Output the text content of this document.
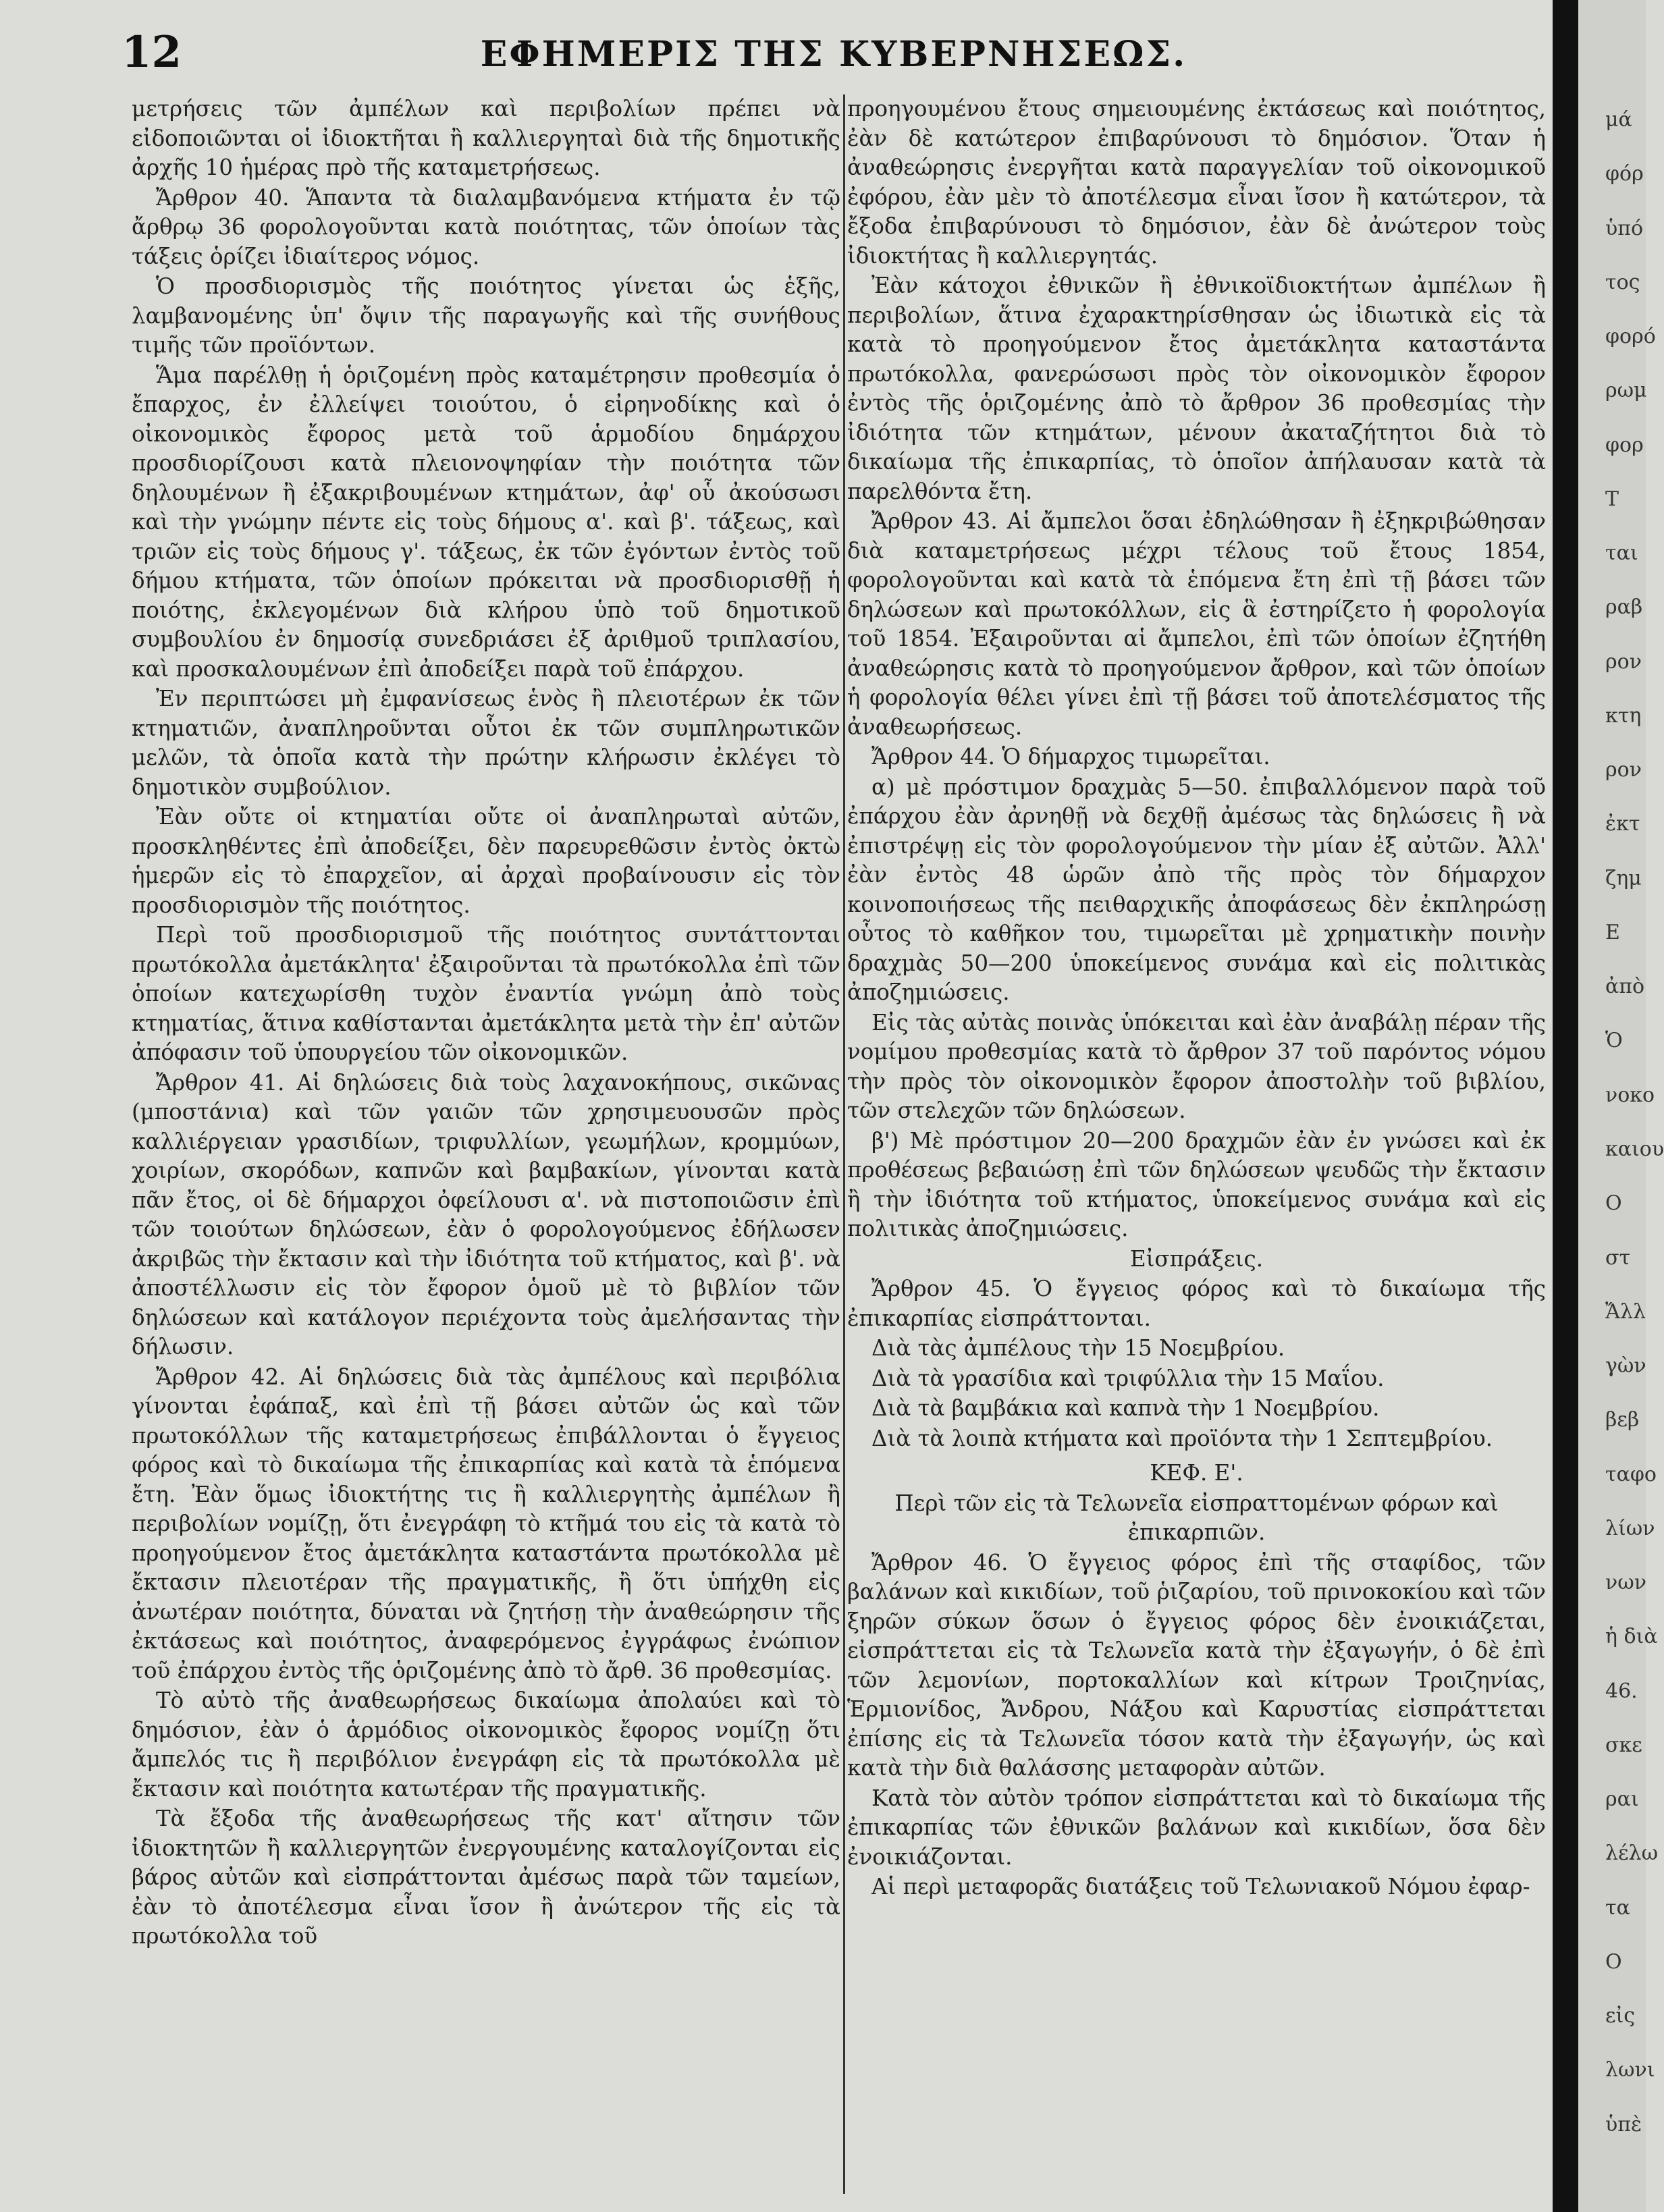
12	ΕΦΗΜΕΡΙΣ ΤΗΣ ΚΥΒΕΡΝΗΣΕΩΣ.

μετρήσεις τῶν ἀμπέλων καὶ περιβολίων πρέπει νὰ εἰδοποιῶνται οἱ ἰδιοκτῆται ἢ καλλιεργηταὶ διὰ τῆς δημοτικῆς ἀρχῆς 10 ἡμέρας πρὸ τῆς καταμετρήσεως.

Ἄρθρον 40. Ἅπαντα τὰ διαλαμβανόμενα κτήματα ἐν τῷ ἄρθρῳ 36 φορολογοῦνται κατὰ ποιότητας, τῶν ὁποίων τὰς τάξεις ὁρίζει ἰδιαίτερος νόμος.

Ὁ προσδιορισμὸς τῆς ποιότητος γίνεται ὡς ἑξῆς, λαμβανομένης ὑπ' ὄψιν τῆς παραγωγῆς καὶ τῆς συνήθους τιμῆς τῶν προϊόντων.

Ἅμα παρέλθῃ ἡ ὁριζομένη πρὸς καταμέτρησιν προθεσμία ὁ ἔπαρχος, ἐν ἐλλείψει τοιούτου, ὁ εἰρηνοδίκης καὶ ὁ οἰκονομικὸς ἔφορος μετὰ τοῦ ἁρμοδίου δημάρχου προσδιορίζουσι κατὰ πλειονοψηφίαν τὴν ποιότητα τῶν δηλουμένων ἢ ἐξακριβουμένων κτημάτων, ἀφ' οὗ ἀκούσωσι καὶ τὴν γνώμην πέντε εἰς τοὺς δήμους α'. καὶ β'. τάξεως, καὶ τριῶν εἰς τοὺς δήμους γ'. τάξεως, ἐκ τῶν ἐγόντων ἐντὸς τοῦ δήμου κτήματα, τῶν ὁποίων πρόκειται νὰ προσδιορισθῇ ἡ ποιότης, ἐκλεγομένων διὰ κλήρου ὑπὸ τοῦ δημοτικοῦ συμβουλίου ἐν δημοσίᾳ συνεδριάσει ἐξ ἀριθμοῦ τριπλασίου, καὶ προσκαλουμένων ἐπὶ ἀποδείξει παρὰ τοῦ ἐπάρχου.

Ἐν περιπτώσει μὴ ἐμφανίσεως ἑνὸς ἢ πλειοτέρων ἐκ τῶν κτηματιῶν, ἀναπληροῦνται οὗτοι ἐκ τῶν συμπληρωτικῶν μελῶν, τὰ ὁποῖα κατὰ τὴν πρώτην κλήρωσιν ἐκλέγει τὸ δημοτικὸν συμβούλιον.

Ἐὰν οὔτε οἱ κτηματίαι οὔτε οἱ ἀναπληρωταὶ αὐτῶν, προσκληθέντες ἐπὶ ἀποδείξει, δὲν παρευρεθῶσιν ἐντὸς ὀκτὼ ἡμερῶν εἰς τὸ ἐπαρχεῖον, αἱ ἀρχαὶ προβαίνουσιν εἰς τὸν προσδιορισμὸν τῆς ποιότητος.

Περὶ τοῦ προσδιορισμοῦ τῆς ποιότητος συντάττονται πρωτόκολλα ἀμετάκλητα' ἐξαιροῦνται τὰ πρωτόκολλα ἐπὶ τῶν ὁποίων κατεχωρίσθη τυχὸν ἐναντία γνώμη ἀπὸ τοὺς κτηματίας, ἅτινα καθίστανται ἀμετάκλητα μετὰ τὴν ἐπ' αὐτῶν ἀπόφασιν τοῦ ὑπουργείου τῶν οἰκονομικῶν.

Ἄρθρον 41. Αἱ δηλώσεις διὰ τοὺς λαχανοκήπους, σικῶνας (μποστάνια) καὶ τῶν γαιῶν τῶν χρησιμευουσῶν πρὸς καλλιέργειαν γρασιδίων, τριφυλλίων, γεωμήλων, κρομμύων, χοιρίων, σκορόδων, καπνῶν καὶ βαμβακίων, γίνονται κατὰ πᾶν ἔτος, οἱ δὲ δήμαρχοι ὀφείλουσι α'. νὰ πιστοποιῶσιν ἐπὶ τῶν τοιούτων δηλώσεων, ἐὰν ὁ φορολογούμενος ἐδήλωσεν ἀκριβῶς τὴν ἔκτασιν καὶ τὴν ἰδιότητα τοῦ κτήματος, καὶ β'. νὰ ἀποστέλλωσιν εἰς τὸν ἔφορον ὁμοῦ μὲ τὸ βιβλίον τῶν δηλώσεων καὶ κατάλογον περιέχοντα τοὺς ἀμελήσαντας τὴν δήλωσιν.

Ἄρθρον 42. Αἱ δηλώσεις διὰ τὰς ἀμπέλους καὶ περιβόλια γίνονται ἐφάπαξ, καὶ ἐπὶ τῇ βάσει αὐτῶν ὡς καὶ τῶν πρωτοκόλλων τῆς καταμετρήσεως ἐπιβάλλονται ὁ ἔγγειος φόρος καὶ τὸ δικαίωμα τῆς ἐπικαρπίας καὶ κατὰ τὰ ἑπόμενα ἔτη. Ἐὰν ὅμως ἰδιοκτήτης τις ἢ καλλιεργητὴς ἀμπέλων ἢ περιβολίων νομίζῃ, ὅτι ἐνεγράφη τὸ κτῆμά του εἰς τὰ κατὰ τὸ προηγούμενον ἔτος ἀμετάκλητα καταστάντα πρωτόκολλα μὲ ἔκτασιν πλειοτέραν τῆς πραγματικῆς, ἢ ὅτι ὑπήχθη εἰς ἀνωτέραν ποιότητα, δύναται νὰ ζητήσῃ τὴν ἀναθεώρησιν τῆς ἐκτάσεως καὶ ποιότητος, ἀναφερόμενος ἐγγράφως ἐνώπιον τοῦ ἐπάρχου ἐντὸς τῆς ὁριζομένης ἀπὸ τὸ ἄρθ. 36 προθεσμίας.

Τὸ αὐτὸ τῆς ἀναθεωρήσεως δικαίωμα ἀπολαύει καὶ τὸ δημόσιον, ἐὰν ὁ ἁρμόδιος οἰκονομικὸς ἔφορος νομίζῃ ὅτι ἄμπελός τις ἢ περιβόλιον ἐνεγράφη εἰς τὰ πρωτόκολλα μὲ ἔκτασιν καὶ ποιότητα κατωτέραν τῆς πραγματικῆς.

Τὰ ἔξοδα τῆς ἀναθεωρήσεως τῆς κατ' αἴτησιν τῶν ἰδιοκτητῶν ἢ καλλιεργητῶν ἐνεργουμένης καταλογίζονται εἰς βάρος αὐτῶν καὶ εἰσπράττονται ἀμέσως παρὰ τῶν ταμείων, ἐὰν τὸ ἀποτέλεσμα εἶναι ἴσον ἢ ἀνώτερον τῆς εἰς τὰ πρωτόκολλα τοῦ

προηγουμένου ἔτους σημειουμένης ἐκτάσεως καὶ ποιότητος, ἐὰν δὲ κατώτερον ἐπιβαρύνουσι τὸ δημόσιον. Ὅταν ἡ ἀναθεώρησις ἐνεργῆται κατὰ παραγγελίαν τοῦ οἰκονομικοῦ ἐφόρου, ἐὰν μὲν τὸ ἀποτέλεσμα εἶναι ἴσον ἢ κατώτερον, τὰ ἔξοδα ἐπιβαρύνουσι τὸ δημόσιον, ἐὰν δὲ ἀνώτερον τοὺς ἰδιοκτήτας ἢ καλλιεργητάς.

Ἐὰν κάτοχοι ἐθνικῶν ἢ ἐθνικοϊδιοκτήτων ἀμπέλων ἢ περιβολίων, ἅτινα ἐχαρακτηρίσθησαν ὡς ἰδιωτικὰ εἰς τὰ κατὰ τὸ προηγούμενον ἔτος ἀμετάκλητα καταστάντα πρωτόκολλα, φανερώσωσι πρὸς τὸν οἰκονομικὸν ἔφορον ἐντὸς τῆς ὁριζομένης ἀπὸ τὸ ἄρθρον 36 προθεσμίας τὴν ἰδιότητα τῶν κτημάτων, μένουν ἀκαταζήτητοι διὰ τὸ δικαίωμα τῆς ἐπικαρπίας, τὸ ὁποῖον ἀπήλαυσαν κατὰ τὰ παρελθόντα ἔτη.

Ἄρθρον 43. Αἱ ἄμπελοι ὅσαι ἐδηλώθησαν ἢ ἐξηκριβώθησαν διὰ καταμετρήσεως μέχρι τέλους τοῦ ἔτους 1854, φορολογοῦνται καὶ κατὰ τὰ ἑπόμενα ἔτη ἐπὶ τῇ βάσει τῶν δηλώσεων καὶ πρωτοκόλλων, εἰς ἃ ἐστηρίζετο ἡ φορολογία τοῦ 1854. Ἐξαιροῦνται αἱ ἄμπελοι, ἐπὶ τῶν ὁποίων ἐζητήθη ἀναθεώρησις κατὰ τὸ προηγούμενον ἄρθρον, καὶ τῶν ὁποίων ἡ φορολογία θέλει γίνει ἐπὶ τῇ βάσει τοῦ ἀποτελέσματος τῆς ἀναθεωρήσεως.

Ἄρθρον 44. Ὁ δήμαρχος τιμωρεῖται.

α) μὲ πρόστιμον δραχμὰς 5—50. ἐπιβαλλόμενον παρὰ τοῦ ἐπάρχου ἐὰν ἀρνηθῇ νὰ δεχθῇ ἀμέσως τὰς δηλώσεις ἢ νὰ ἐπιστρέψῃ εἰς τὸν φορολογούμενον τὴν μίαν ἐξ αὐτῶν. Ἀλλ' ἐὰν ἐντὸς 48 ὡρῶν ἀπὸ τῆς πρὸς τὸν δήμαρχον κοινοποιήσεως τῆς πειθαρχικῆς ἀποφάσεως δὲν ἐκπληρώσῃ οὗτος τὸ καθῆκον του, τιμωρεῖται μὲ χρηματικὴν ποινὴν δραχμὰς 50—200 ὑποκείμενος συνάμα καὶ εἰς πολιτικὰς ἀποζημιώσεις.

Εἰς τὰς αὐτὰς ποινὰς ὑπόκειται καὶ ἐὰν ἀναβάλῃ πέραν τῆς νομίμου προθεσμίας κατὰ τὸ ἄρθρον 37 τοῦ παρόντος νόμου τὴν πρὸς τὸν οἰκονομικὸν ἔφορον ἀποστολὴν τοῦ βιβλίου, τῶν στελεχῶν τῶν δηλώσεων.

β') Μὲ πρόστιμον 20—200 δραχμῶν ἐὰν ἐν γνώσει καὶ ἐκ προθέσεως βεβαιώσῃ ἐπὶ τῶν δηλώσεων ψευδῶς τὴν ἔκτασιν ἢ τὴν ἰδιότητα τοῦ κτήματος, ὑποκείμενος συνάμα καὶ εἰς πολιτικὰς ἀποζημιώσεις.

Εἰσπράξεις.

Ἄρθρον 45. Ὁ ἔγγειος φόρος καὶ τὸ δικαίωμα τῆς ἐπικαρπίας εἰσπράττονται.

Διὰ τὰς ἀμπέλους τὴν 15 Νοεμβρίου.

Διὰ τὰ γρασίδια καὶ τριφύλλια τὴν 15 Μαΐου.

Διὰ τὰ βαμβάκια καὶ καπνὰ τὴν 1 Νοεμβρίου.

Διὰ τὰ λοιπὰ κτήματα καὶ προϊόντα τὴν 1 Σεπτεμβρίου.

ΚΕΦ. Ε'.

Περὶ τῶν εἰς τὰ Τελωνεῖα εἰσπραττομένων φόρων καὶ ἐπικαρπιῶν.

Ἄρθρον 46. Ὁ ἔγγειος φόρος ἐπὶ τῆς σταφίδος, τῶν βαλάνων καὶ κικιδίων, τοῦ ῥιζαρίου, τοῦ πρινοκοκίου καὶ τῶν ξηρῶν σύκων ὅσων ὁ ἔγγειος φόρος δὲν ἐνοικιάζεται, εἰσπράττεται εἰς τὰ Τελωνεῖα κατὰ τὴν ἐξαγωγήν, ὁ δὲ ἐπὶ τῶν λεμονίων, πορτοκαλλίων καὶ κίτρων Τροιζηνίας, Ἑρμιονίδος, Ἄνδρου, Νάξου καὶ Καρυστίας εἰσπράττεται ἐπίσης εἰς τὰ Τελωνεῖα τόσον κατὰ τὴν ἐξαγωγήν, ὡς καὶ κατὰ τὴν διὰ θαλάσσης μεταφορὰν αὐτῶν.

Κατὰ τὸν αὐτὸν τρόπον εἰσπράττεται καὶ τὸ δικαίωμα τῆς ἐπικαρπίας τῶν ἐθνικῶν βαλάνων καὶ κικιδίων, ὅσα δὲν ἐνοικιάζονται.

Αἱ περὶ μεταφορᾶς διατάξεις τοῦ Τελωνιακοῦ Νόμου ἐφαρ-

μά
φόρ
ὑπό
τος
φορό
ρωμ
φορ
Τ
ται
ραβ
ρον
κτη
ρον
ἐκτ
ζημ
Ε
ἀπὸ
Ὁ
νοκο
καιου
Ο
στ
Ἄλλ
γὼν
βεβ
ταφο
λίων
νων
ἡ διὰ
46.
σκε
ραι
λέλω
τα
Ο
εἰς
λωνι
ὑπὲ
